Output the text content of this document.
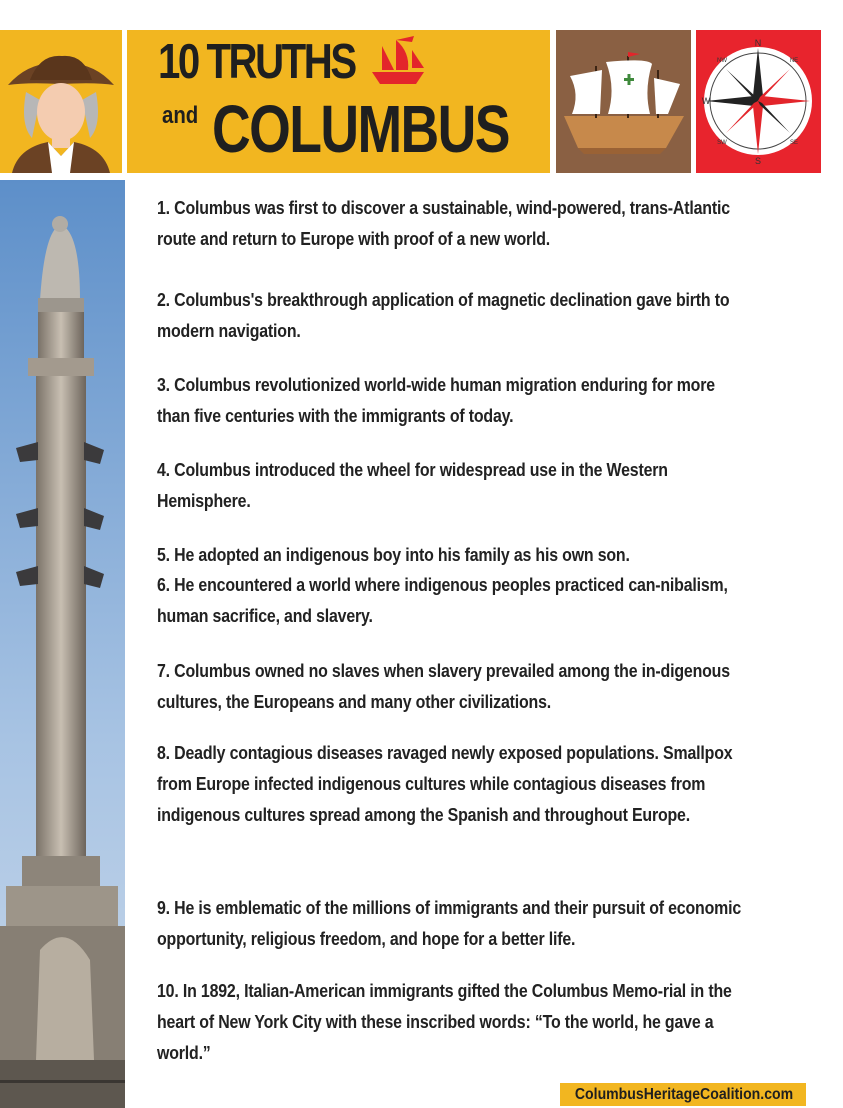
10 TRUTHS
and COLUMBUS
N
S
W
NW	NE
SW	SE
1. Columbus was first to discover a sustainable, wind-powered, trans-Atlantic route and return to Europe with proof of a new world.
2. Columbus's breakthrough application of magnetic declination gave birth to modern navigation.
3. Columbus revolutionized world-wide human migration enduring for more than five centuries with the immigrants of today.
4. Columbus introduced the wheel for widespread use in the Western Hemisphere.
5. He adopted an indigenous boy into his family as his own son.
6. He encountered a world where indigenous peoples practiced can-nibalism, human sacrifice, and slavery.
7. Columbus owned no slaves when slavery prevailed among the in-digenous cultures, the Europeans and many other civilizations.
8. Deadly contagious diseases ravaged newly exposed populations. Smallpox from Europe infected indigenous cultures while contagious diseases from indigenous cultures spread among the Spanish and throughout Europe.
9. He is emblematic of the millions of immigrants and their pursuit of economic opportunity, religious freedom, and hope for a better life.
10. In 1892, Italian-American immigrants gifted the Columbus Memo-rial in the heart of New York City with these inscribed words: “To the world, he gave a world.”
ColumbusHeritageCoalition.com
